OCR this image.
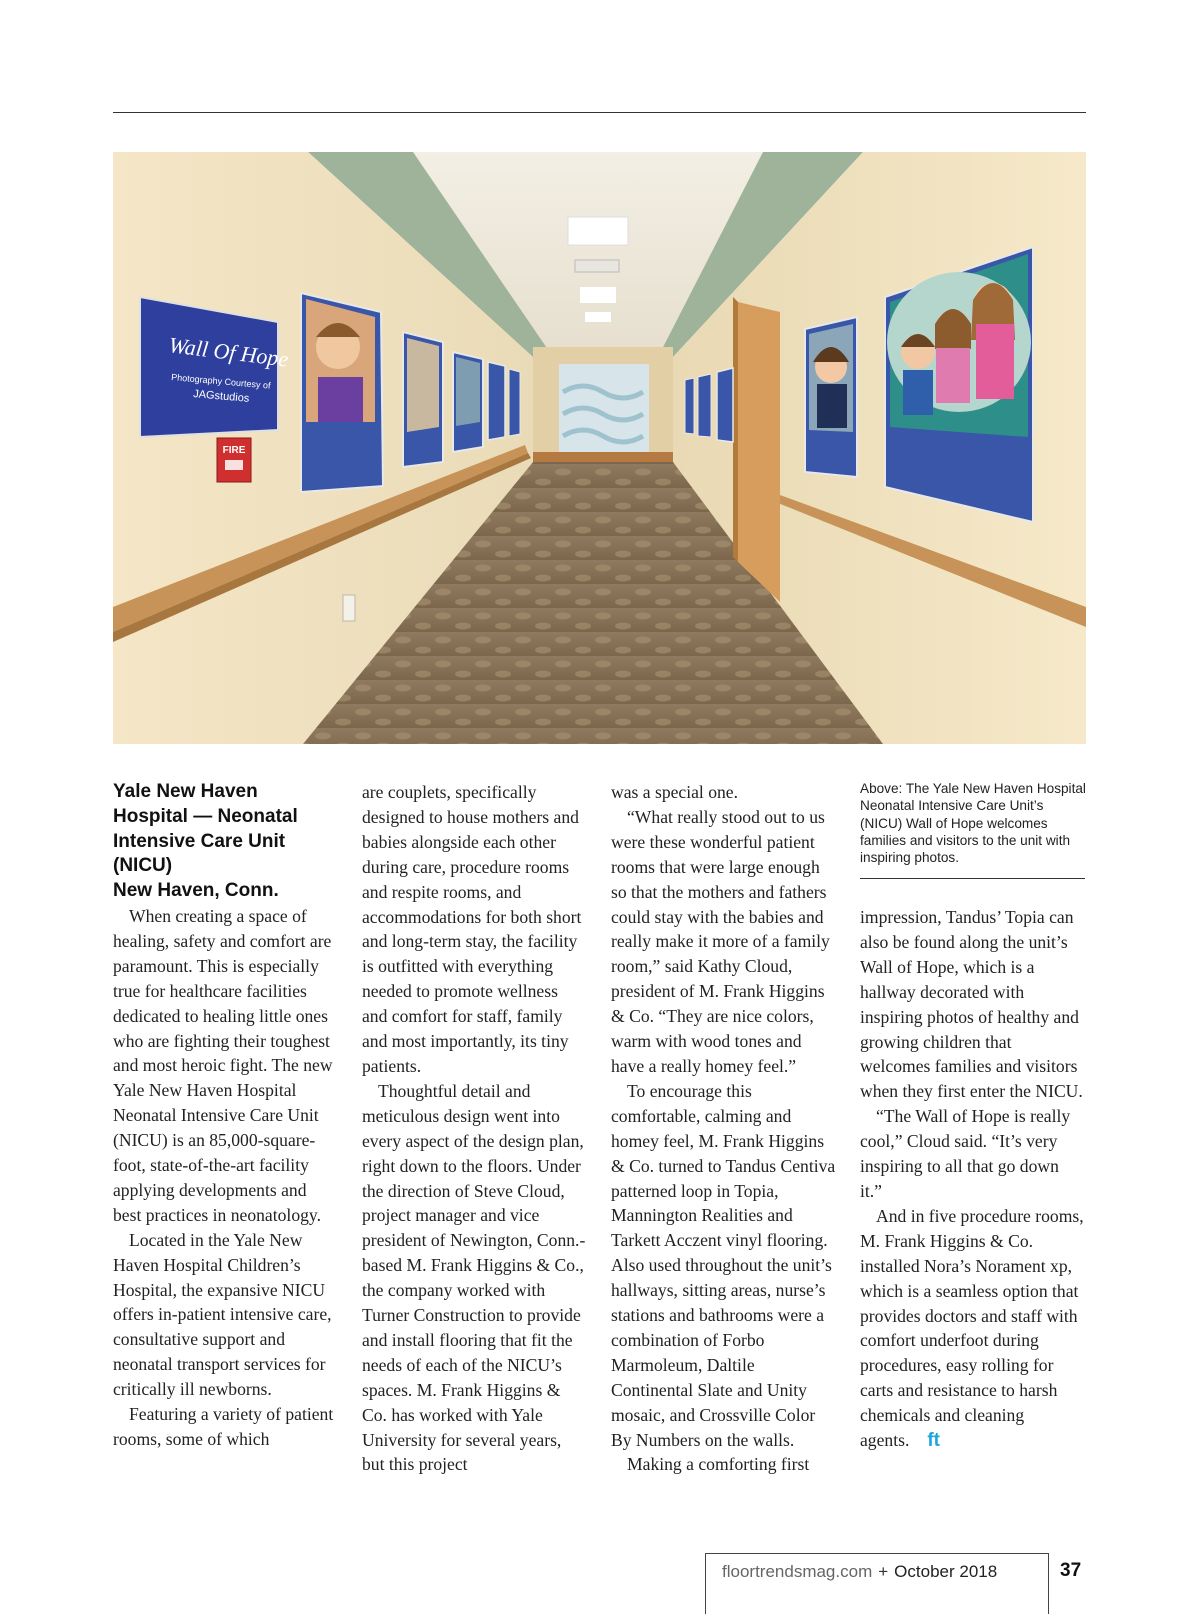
FIRE
Wall Of Hope
Photography Courtesy of
JAGstudios
Yale New Haven
Hospital — Neonatal
Intensive Care Unit
(NICU)
New Haven, Conn.

When creating a space of healing, safety and comfort are paramount. This is especially true for healthcare facilities dedicated to healing little ones who are fighting their toughest and most heroic fight. The new Yale New Haven Hospital Neonatal Intensive Care Unit (NICU) is an 85,000-square-foot, state-of-the-art facility applying developments and best practices in neonatology.

Located in the Yale New Haven Hospital Children’s Hospital, the expansive NICU offers in-patient intensive care, consultative support and neonatal transport services for critically ill newborns.

Featuring a variety of patient rooms, some of which

are couplets, specifically designed to house mothers and babies alongside each other during care, procedure rooms and respite rooms, and accommodations for both short and long-term stay, the facility is outfitted with everything needed to promote wellness and comfort for staff, family and most importantly, its tiny patients.

Thoughtful detail and meticulous design went into every aspect of the design plan, right down to the floors. Under the direction of Steve Cloud, project manager and vice president of Newington, Conn.-based M. Frank Higgins & Co., the company worked with Turner Construction to provide and install flooring that fit the needs of each of the NICU’s spaces. M. Frank Higgins & Co. has worked with Yale University for several years, but this project

was a special one.

“What really stood out to us were these wonderful patient rooms that were large enough so that the mothers and fathers could stay with the babies and really make it more of a family room,” said Kathy Cloud, president of M. Frank Higgins & Co. “They are nice colors, warm with wood tones and have a really homey feel.”

To encourage this comfortable, calming and homey feel, M. Frank Higgins & Co. turned to Tandus Centiva patterned loop in Topia, Mannington Realities and Tarkett Acczent vinyl flooring. Also used throughout the unit’s hallways, sitting areas, nurse’s stations and bathrooms were a combination of Forbo Marmoleum, Daltile Continental Slate and Unity mosaic, and Crossville Color By Numbers on the walls.

Making a comforting first

Above: The Yale New Haven Hospital Neonatal Intensive Care Unit’s (NICU) Wall of Hope welcomes families and visitors to the unit with inspiring photos.

impression, Tandus’ Topia can also be found along the unit’s Wall of Hope, which is a hallway decorated with inspiring photos of healthy and growing children that welcomes families and visitors when they first enter the NICU.

“The Wall of Hope is really cool,” Cloud said. “It’s very inspiring to all that go down it.”

And in five procedure rooms, M. Frank Higgins & Co. installed Nora’s Norament xp, which is a seamless option that provides doctors and staff with comfort underfoot during procedures, easy rolling for carts and resistance to harsh chemicals and cleaning agents. ft

floortrendsmag.com + October 2018	37
